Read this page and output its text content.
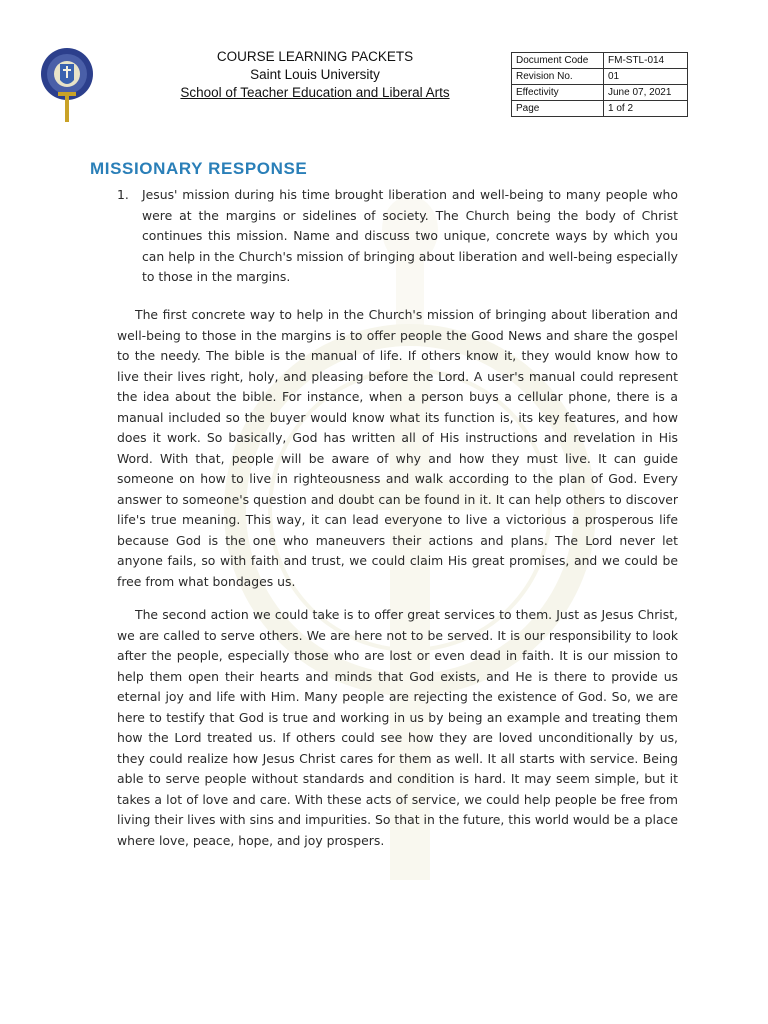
COURSE LEARNING PACKETS
Saint Louis University
School of Teacher Education and Liberal Arts
Document Code	FM-STL-014
Revision No.	01
Effectivity	June 07, 2021
Page	1 of 2
MISSIONARY RESPONSE
1. Jesus' mission during his time brought liberation and well-being to many people who were at the margins or sidelines of society. The Church being the body of Christ continues this mission. Name and discuss two unique, concrete ways by which you can help in the Church's mission of bringing about liberation and well-being especially to those in the margins.

The first concrete way to help in the Church's mission of bringing about liberation and well-being to those in the margins is to offer people the Good News and share the gospel to the needy. The bible is the manual of life. If others know it, they would know how to live their lives right, holy, and pleasing before the Lord. A user's manual could represent the idea about the bible. For instance, when a person buys a cellular phone, there is a manual included so the buyer would know what its function is, its key features, and how does it work. So basically, God has written all of His instructions and revelation in His Word. With that, people will be aware of why and how they must live. It can guide someone on how to live in righteousness and walk according to the plan of God. Every answer to someone's question and doubt can be found in it. It can help others to discover life's true meaning. This way, it can lead everyone to live a victorious a prosperous life because God is the one who maneuvers their actions and plans. The Lord never let anyone fails, so with faith and trust, we could claim His great promises, and we could be free from what bondages us.

The second action we could take is to offer great services to them. Just as Jesus Christ, we are called to serve others. We are here not to be served. It is our responsibility to look after the people, especially those who are lost or even dead in faith. It is our mission to help them open their hearts and minds that God exists, and He is there to provide us eternal joy and life with Him. Many people are rejecting the existence of God. So, we are here to testify that God is true and working in us by being an example and treating them how the Lord treated us. If others could see how they are loved unconditionally by us, they could realize how Jesus Christ cares for them as well. It all starts with service. Being able to serve people without standards and condition is hard. It may seem simple, but it takes a lot of love and care. With these acts of service, we could help people be free from living their lives with sins and impurities. So that in the future, this world would be a place where love, peace, hope, and joy prospers.
